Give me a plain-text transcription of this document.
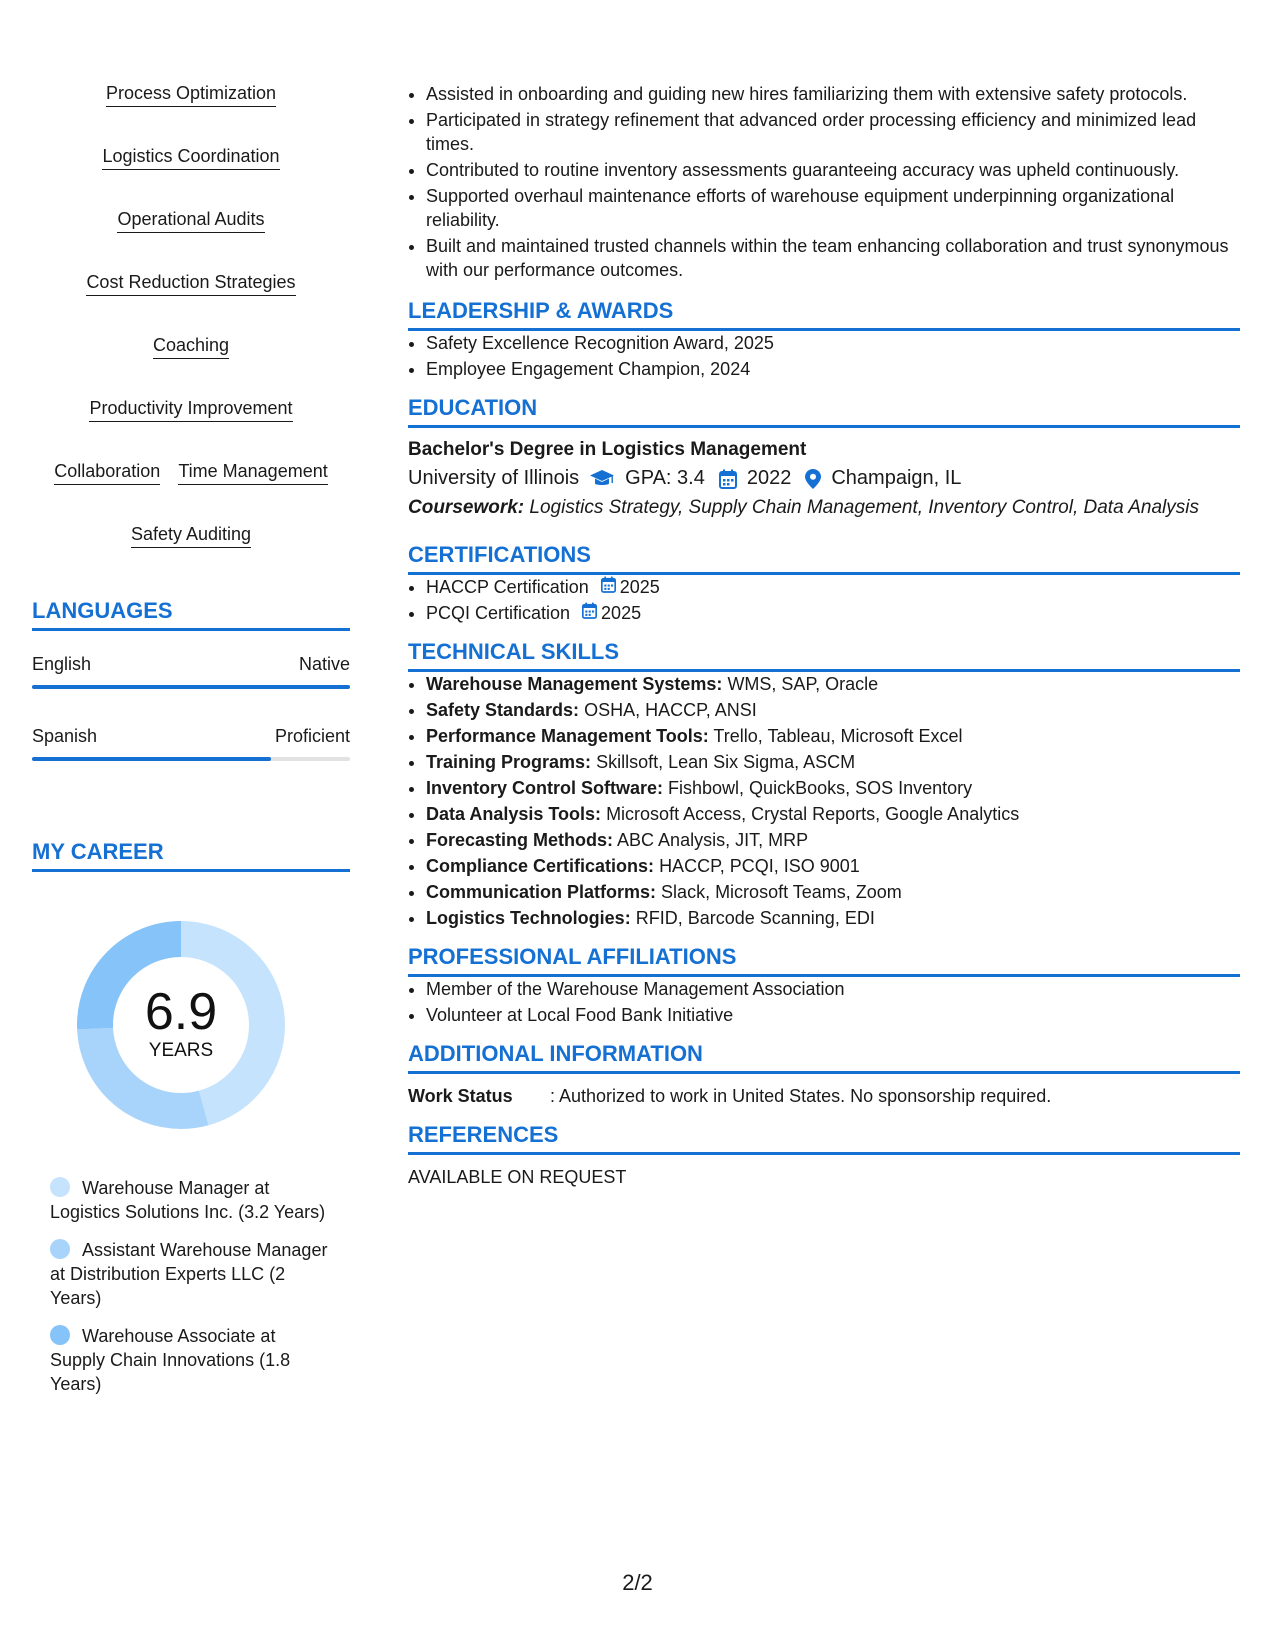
Process Optimization
Logistics Coordination
Operational Audits
Cost Reduction Strategies
Coaching
Productivity Improvement
Collaboration Time Management
Safety Auditing
LANGUAGES
English	Native
Spanish	Proficient
MY CAREER
6.9
YEARS
Warehouse Manager at Logistics Solutions Inc. (3.2 Years)
Assistant Warehouse Manager at Distribution Experts LLC (2 Years)
Warehouse Associate at Supply Chain Innovations (1.8 Years)
• Assisted in onboarding and guiding new hires familiarizing them with extensive safety protocols.
• Participated in strategy refinement that advanced order processing efficiency and minimized lead times.
• Contributed to routine inventory assessments guaranteeing accuracy was upheld continuously.
• Supported overhaul maintenance efforts of warehouse equipment underpinning organizational reliability.
• Built and maintained trusted channels within the team enhancing collaboration and trust synonymous with our performance outcomes.
LEADERSHIP & AWARDS
• Safety Excellence Recognition Award, 2025
• Employee Engagement Champion, 2024
EDUCATION
Bachelor's Degree in Logistics Management
University of Illinois GPA: 3.4 2022 Champaign, IL
Coursework: Logistics Strategy, Supply Chain Management, Inventory Control, Data Analysis
CERTIFICATIONS
• HACCP Certification 2025
• PCQI Certification 2025
TECHNICAL SKILLS
• Warehouse Management Systems: WMS, SAP, Oracle
• Safety Standards: OSHA, HACCP, ANSI
• Performance Management Tools: Trello, Tableau, Microsoft Excel
• Training Programs: Skillsoft, Lean Six Sigma, ASCM
• Inventory Control Software: Fishbowl, QuickBooks, SOS Inventory
• Data Analysis Tools: Microsoft Access, Crystal Reports, Google Analytics
• Forecasting Methods: ABC Analysis, JIT, MRP
• Compliance Certifications: HACCP, PCQI, ISO 9001
• Communication Platforms: Slack, Microsoft Teams, Zoom
• Logistics Technologies: RFID, Barcode Scanning, EDI
PROFESSIONAL AFFILIATIONS
• Member of the Warehouse Management Association
• Volunteer at Local Food Bank Initiative
ADDITIONAL INFORMATION
Work Status	: Authorized to work in United States. No sponsorship required.
REFERENCES
AVAILABLE ON REQUEST
2/2
